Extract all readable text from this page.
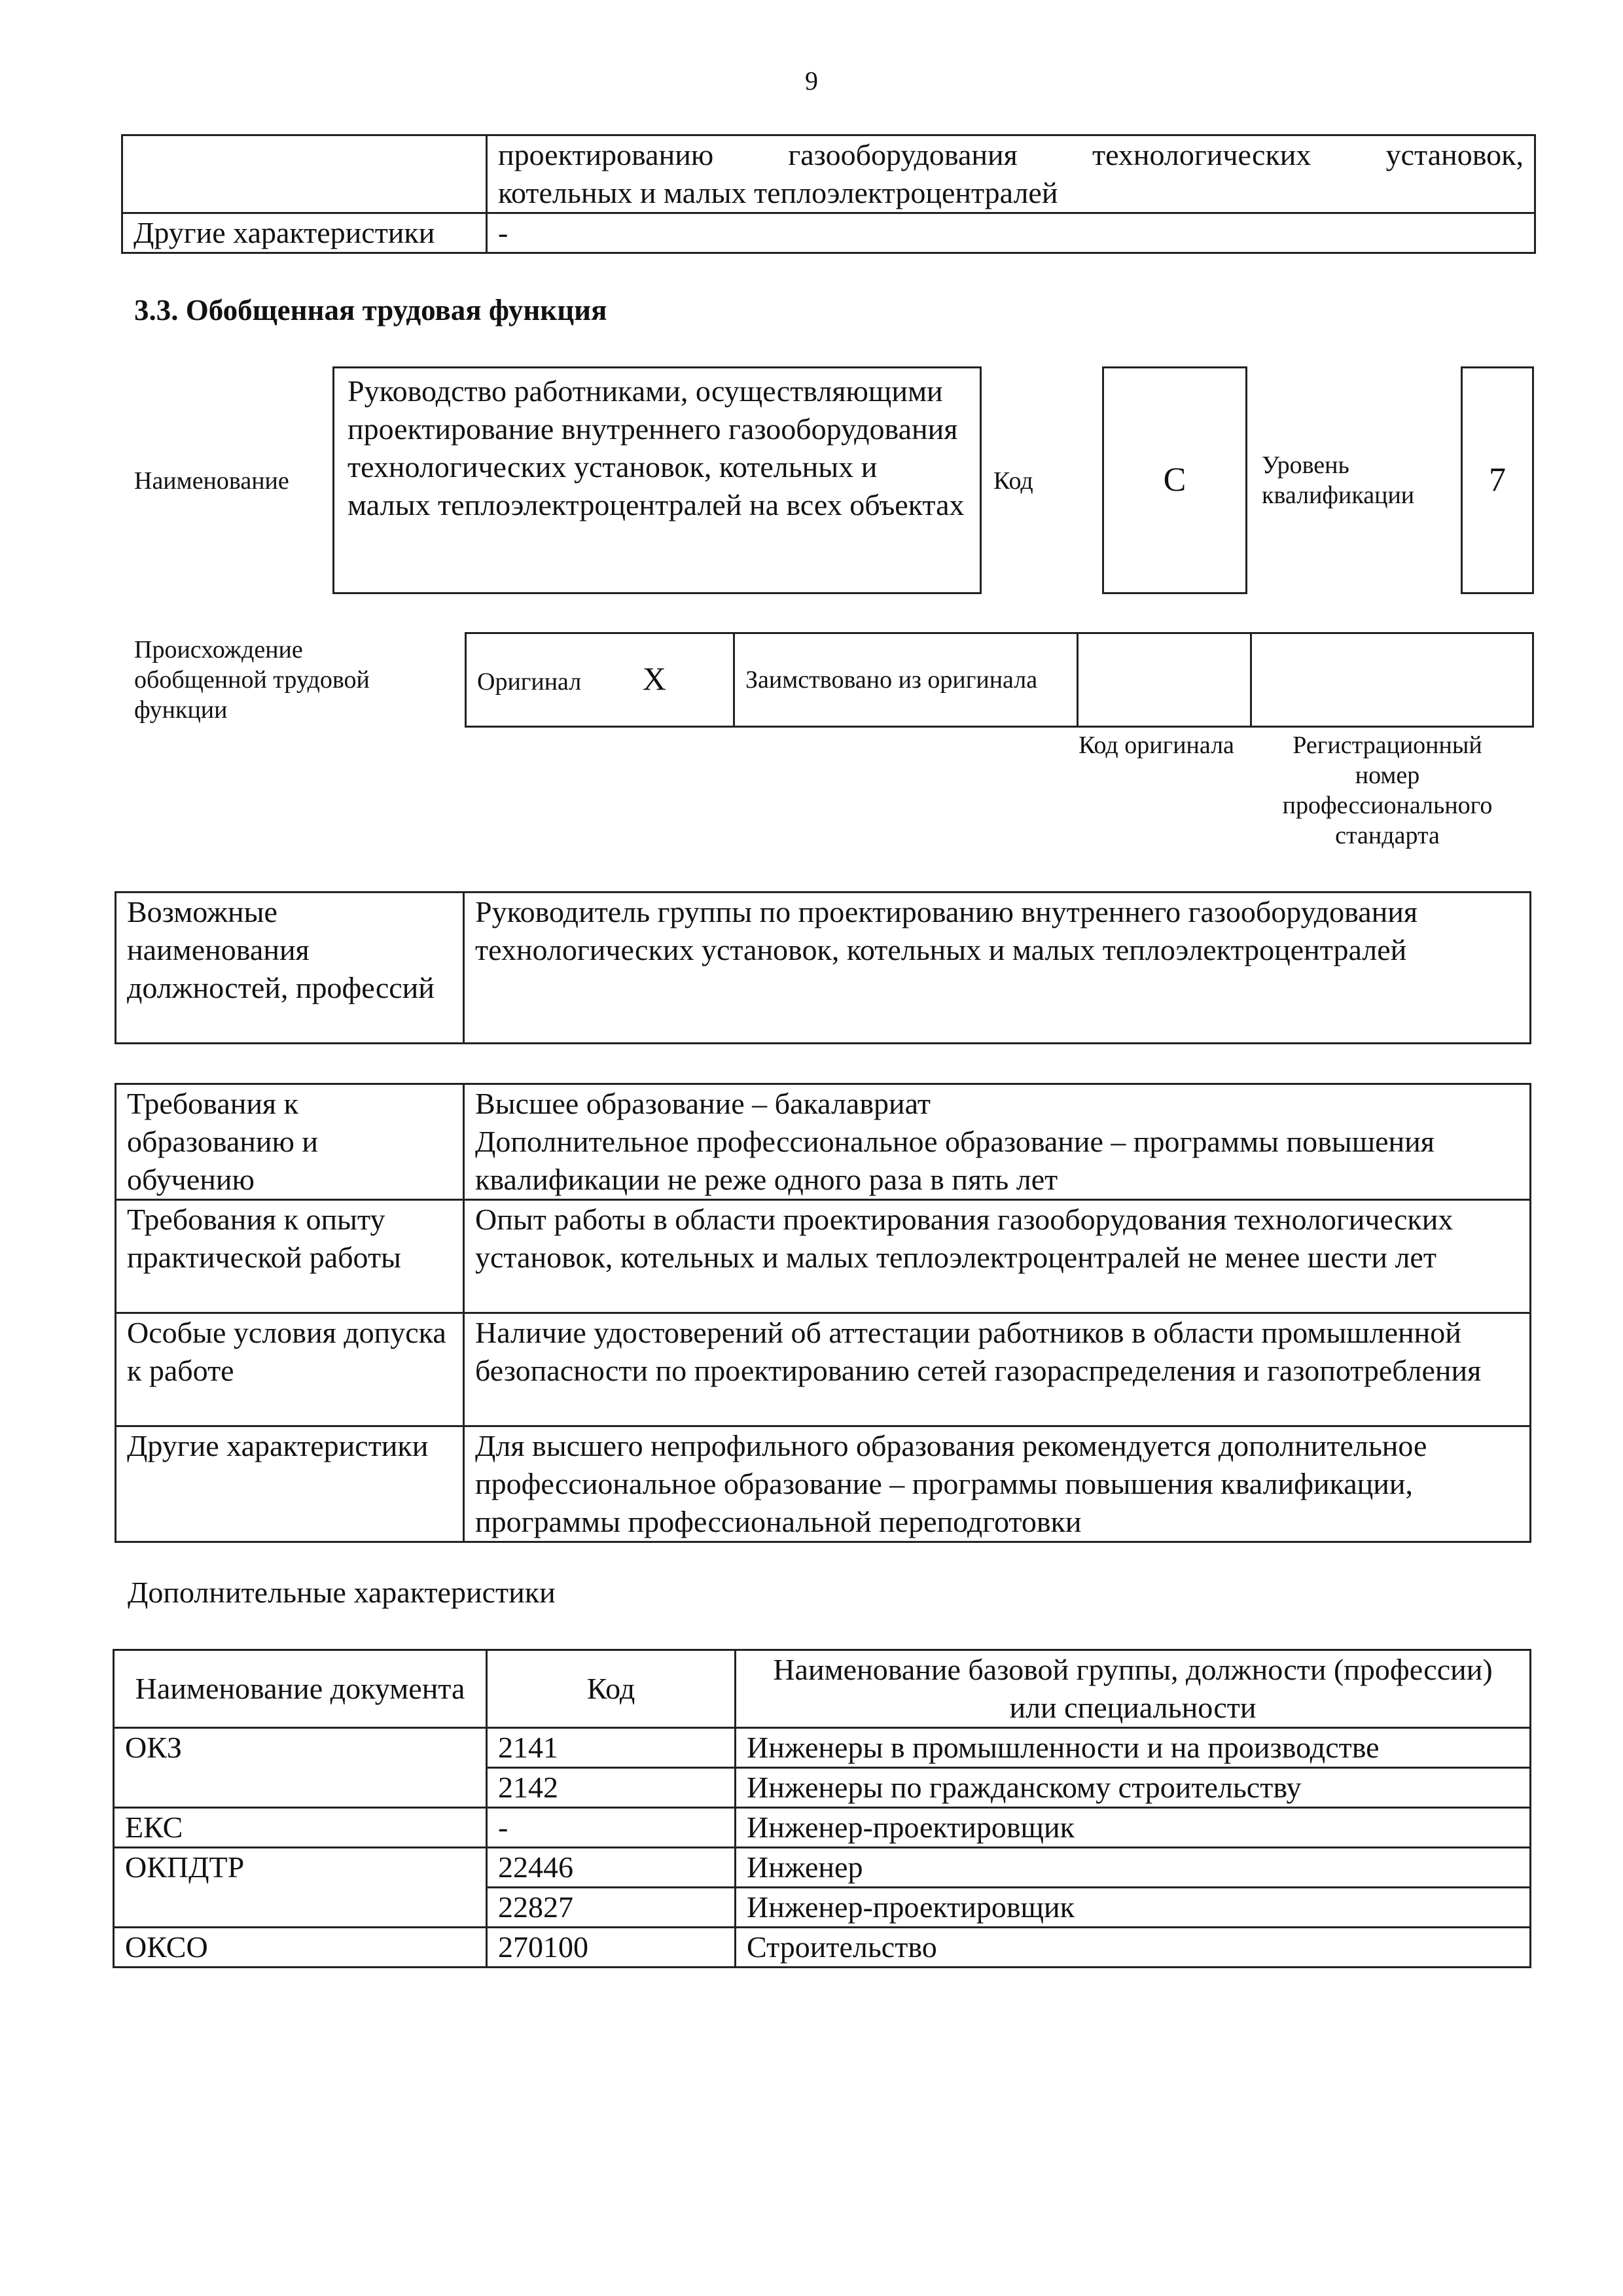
9

	проектированию газооборудования технологических установок,
котельных и малых теплоэлектроцентралей

Другие характеристики	-
3.3. Обобщенная трудовая функция
Наименование
Руководство работниками, осуществляющими проектирование внутреннего газооборудования технологических установок, котельных и малых теплоэлектроцентралей на всех объектах
Код	C	Уровень квалификации	7
Происхождение обобщенной трудовой функции
Оригинал X	Заимствовано из оригинала		
Код оригинала	Регистрационный номер профессионального стандарта
Возможные наименования должностей, профессий	Руководитель группы по проектированию внутреннего газооборудования технологических установок, котельных и малых теплоэлектроцентралей
Требования к образованию и обучению	Высшее образование – бакалавриат
Дополнительное профессиональное образование – программы повышения квалификации не реже одного раза в пять лет
Требования к опыту практической работы	Опыт работы в области проектирования газооборудования технологических установок, котельных и малых теплоэлектроцентралей не менее шести лет
Особые условия допуска к работе	Наличие удостоверений об аттестации работников в области промышленной безопасности по проектированию сетей газораспределения и газопотребления
Другие характеристики	Для высшего непрофильного образования рекомендуется дополнительное профессиональное образование – программы повышения квалификации, программы профессиональной переподготовки
Дополнительные характеристики
Наименование документа	Код	Наименование базовой группы, должности (профессии) или специальности
ОКЗ	2141	Инженеры в промышленности и на производстве
	2142	Инженеры по гражданскому строительству
ЕКС	-	Инженер-проектировщик
ОКПДТР	22446	Инженер
	22827	Инженер-проектировщик
ОКСО	270100	Строительство
